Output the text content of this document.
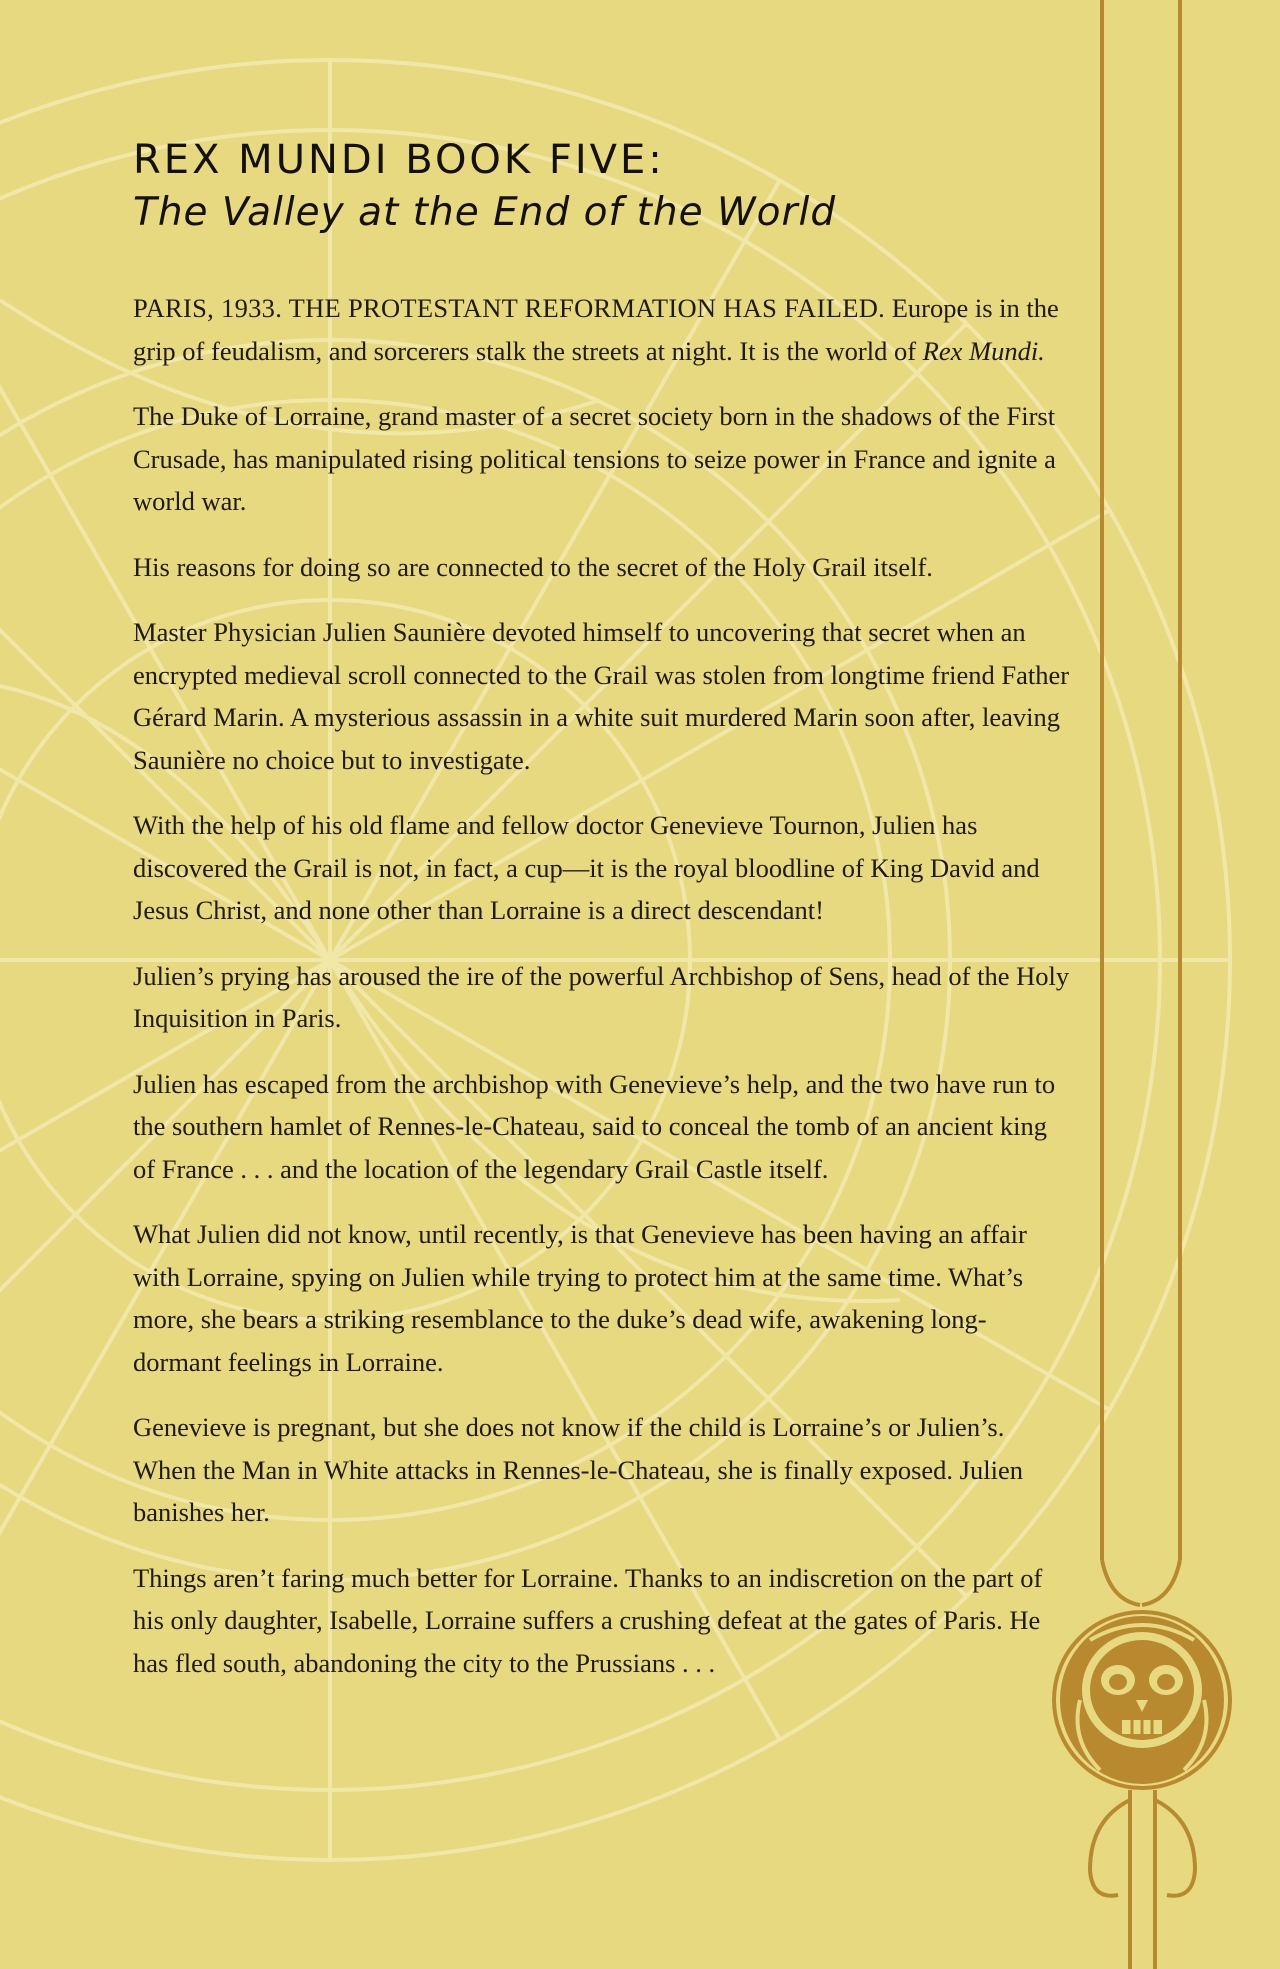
REX MUNDI BOOK FIVE:
The Valley at the End of the World

PARIS, 1933. THE PROTESTANT REFORMATION HAS FAILED. Europe is in the grip of feudalism, and sorcerers stalk the streets at night. It is the world of Rex Mundi.

The Duke of Lorraine, grand master of a secret society born in the shadows of the First Crusade, has manipulated rising political tensions to seize power in France and ignite a world war.

His reasons for doing so are connected to the secret of the Holy Grail itself.

Master Physician Julien Saunière devoted himself to uncovering that secret when an encrypted medieval scroll connected to the Grail was stolen from longtime friend Father Gérard Marin. A mysterious assassin in a white suit murdered Marin soon after, leaving Saunière no choice but to investigate.

With the help of his old flame and fellow doctor Genevieve Tournon, Julien has discovered the Grail is not, in fact, a cup—it is the royal bloodline of King David and Jesus Christ, and none other than Lorraine is a direct descendant!

Julien’s prying has aroused the ire of the powerful Archbishop of Sens, head of the Holy Inquisition in Paris.

Julien has escaped from the archbishop with Genevieve’s help, and the two have run to the southern hamlet of Rennes-le-Chateau, said to conceal the tomb of an ancient king of France . . . and the location of the legendary Grail Castle itself.

What Julien did not know, until recently, is that Genevieve has been having an affair with Lorraine, spying on Julien while trying to protect him at the same time. What’s more, she bears a striking resemblance to the duke’s dead wife, awakening long-dormant feelings in Lorraine.

Genevieve is pregnant, but she does not know if the child is Lorraine’s or Julien’s. When the Man in White attacks in Rennes-le-Chateau, she is finally exposed. Julien banishes her.

Things aren’t faring much better for Lorraine. Thanks to an indiscretion on the part of his only daughter, Isabelle, Lorraine suffers a crushing defeat at the gates of Paris. He has fled south, abandoning the city to the Prussians . . .
